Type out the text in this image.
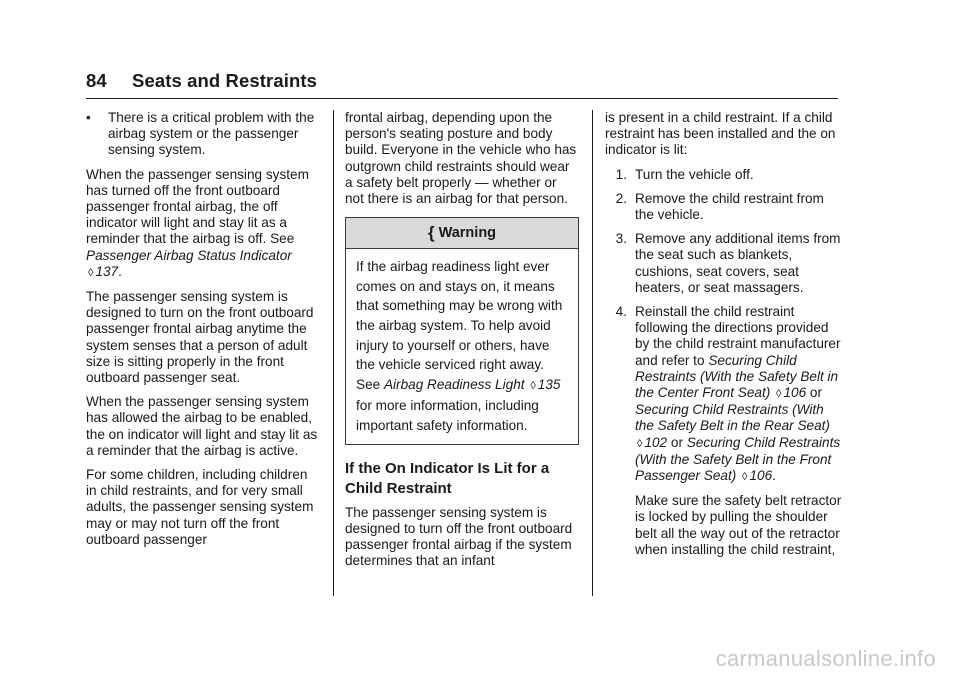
84 Seats and Restraints
•	There is a critical problem with the airbag system or the passenger sensing system.

When the passenger sensing system has turned off the front outboard passenger frontal airbag, the off indicator will light and stay lit as a reminder that the airbag is off. See Passenger Airbag Status Indicator ◊ 137.

The passenger sensing system is designed to turn on the front outboard passenger frontal airbag anytime the system senses that a person of adult size is sitting properly in the front outboard passenger seat.

When the passenger sensing system has allowed the airbag to be enabled, the on indicator will light and stay lit as a reminder that the airbag is active.

For some children, including children in child restraints, and for very small adults, the passenger sensing system may or may not turn off the front outboard passenger

frontal airbag, depending upon the person's seating posture and body build. Everyone in the vehicle who has outgrown child restraints should wear a safety belt properly — whether or not there is an airbag for that person.

{ Warning
If the airbag readiness light ever comes on and stays on, it means that something may be wrong with the airbag system. To help avoid injury to yourself or others, have the vehicle serviced right away. See Airbag Readiness Light ◊ 135 for more information, including important safety information.
If the On Indicator Is Lit for a Child Restraint

The passenger sensing system is designed to turn off the front outboard passenger frontal airbag if the system determines that an infant

is present in a child restraint. If a child restraint has been installed and the on indicator is lit:

1. Turn the vehicle off.
2. Remove the child restraint from the vehicle.
3. Remove any additional items from the seat such as blankets, cushions, seat covers, seat heaters, or seat massagers.
4. Reinstall the child restraint following the directions provided by the child restraint manufacturer and refer to Securing Child Restraints (With the Safety Belt in the Center Front Seat) ◊ 106 or Securing Child Restraints (With the Safety Belt in the Rear Seat) ◊ 102 or Securing Child Restraints (With the Safety Belt in the Front Passenger Seat) ◊ 106.

Make sure the safety belt retractor is locked by pulling the shoulder belt all the way out of the retractor when installing the child restraint,

carmanualsonline.info
